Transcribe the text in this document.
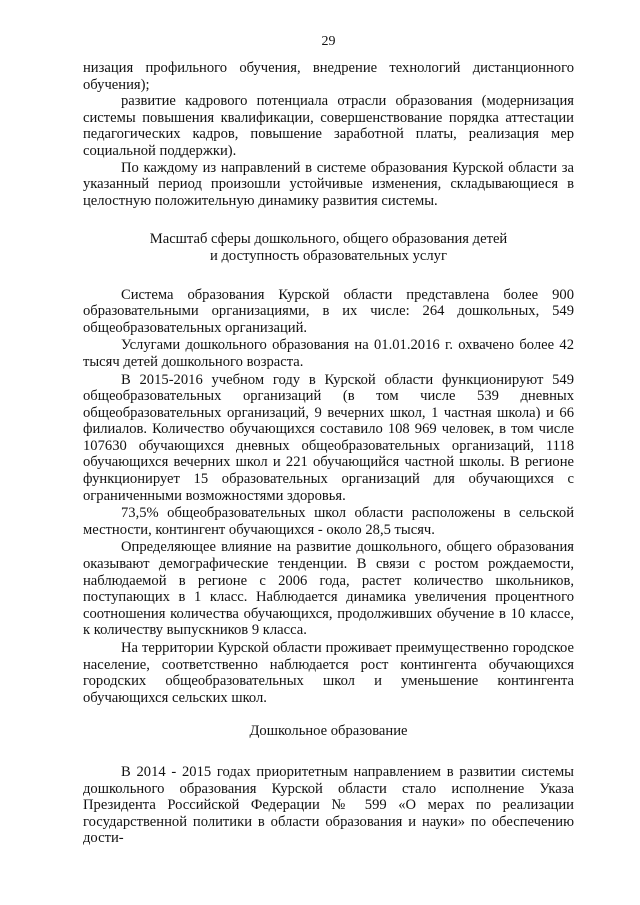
29

низация профильного обучения, внедрение технологий дистанционного обучения);

развитие кадрового потенциала отрасли образования (модернизация системы повышения квалификации, совершенствование порядка аттестации педагогических кадров, повышение заработной платы, реализация мер социальной поддержки).

По каждому из направлений в системе образования Курской области за указанный период произошли устойчивые изменения, складывающиеся в целостную положительную динамику развития системы.

Масштаб сферы дошкольного, общего образования детей
и доступность образовательных услуг

Система образования Курской области представлена более 900 образовательными организациями, в их числе: 264 дошкольных, 549 общеобразовательных организаций.

Услугами дошкольного образования на 01.01.2016 г. охвачено более 42 тысяч детей дошкольного возраста.

В 2015-2016 учебном году в Курской области функционируют 549 общеобразовательных организаций (в том числе 539 дневных общеобразовательных организаций, 9 вечерних школ, 1 частная школа) и 66 филиалов. Количество обучающихся составило 108 969 человек, в том числе 107630 обучающихся дневных общеобразовательных организаций, 1118 обучающихся вечерних школ и 221 обучающийся частной школы. В регионе функционирует 15 образовательных организаций для обучающихся с ограниченными возможностями здоровья.

73,5% общеобразовательных школ области расположены в сельской местности, контингент обучающихся - около 28,5 тысяч.

Определяющее влияние на развитие дошкольного, общего образования оказывают демографические тенденции. В связи с ростом рождаемости, наблюдаемой в регионе с 2006 года, растет количество школьников, поступающих в 1 класс. Наблюдается динамика увеличения процентного соотношения количества обучающихся, продолживших обучение в 10 классе, к количеству выпускников 9 класса.

На территории Курской области проживает преимущественно городское население, соответственно наблюдается рост контингента обучающихся городских общеобразовательных школ и уменьшение контингента обучающихся сельских школ.

Дошкольное образование

В 2014 - 2015 годах приоритетным направлением в развитии системы дошкольного образования Курской области стало исполнение Указа Президента Российской Федерации № 599 «О мерах по реализации государственной политики в области образования и науки» по обеспечению дости-
